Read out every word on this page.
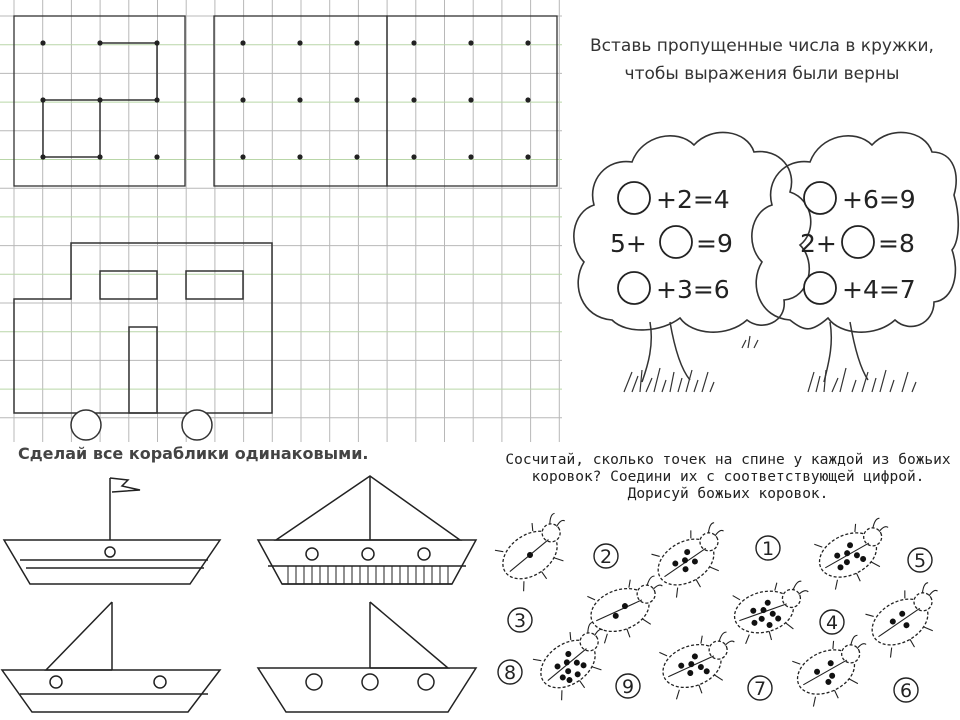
Вставь пропущенные числа в кружки, чтобы выражения были верны
+2=4
5+ =9
+3=6
+6=9
2+ =8
+4=7
Сделай все кораблики одинаковыми.	Сосчитай, сколько точек на спине у каждой из божьих коровок? Соедини их с соответствующей цифрой. Дорисуй божьих коровок.
2	1
5
3	4
8
9	7	6
